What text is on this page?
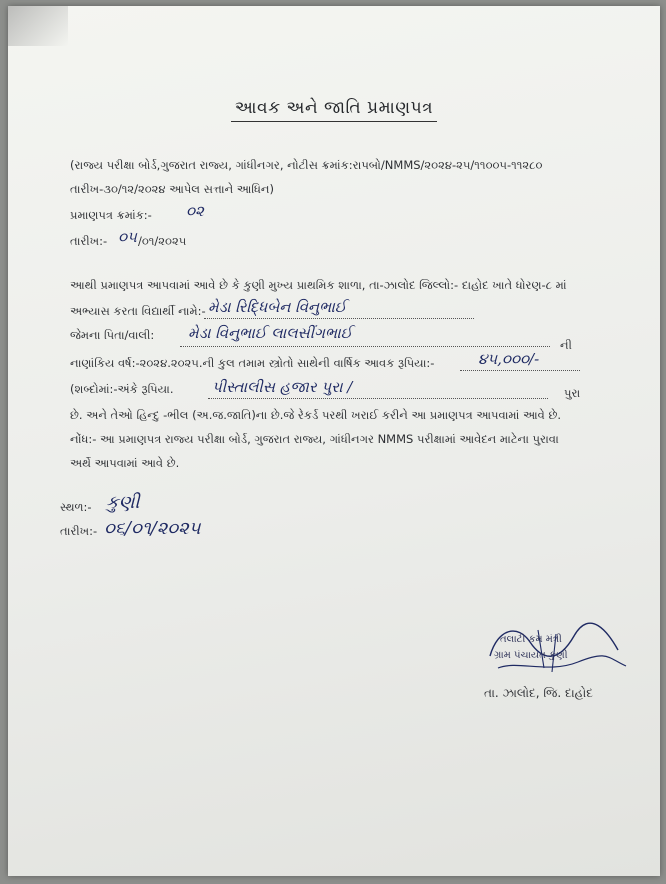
આવક અને જાતિ પ્રમાણપત્ર
(રાજ્ય પરીક્ષા બોર્ડ,ગુજરાત રાજ્ય, ગાંધીનગર, નોટીસ ક્રમાંક:રાપબો/NMMS/૨૦૨૪-૨૫/૧૧૦૦૫-૧૧૨૮૦
તારીખ-૩૦/૧૨/૨૦૨૪ આપેલ સત્તાને આધિન)
પ્રમાણપત્ર ક્રમાંક:- ૦૨
તારીખ:- ૦૫ /૦૧/૨૦૨૫
આથી પ્રમાણપત્ર આપવામાં આવે છે કે કુણી મુખ્ય પ્રાથમિક શાળા, તા-ઝાલોદ જિલ્લો:- દાહોદ ખાતે ધોરણ-૮ માં
અભ્યાસ કરતા વિદ્યાર્થી નામે:- મેડા રિદ્ધિબેન વિનુભાઈ
જેમના પિતા/વાલી: મેડા વિનુભાઈ લાલસીંગભાઈ
ની
નાણાંકિય વર્ષ:-૨૦૨૪.૨૦૨૫.ની કુલ તમામ સ્ત્રોતો સાથેની વાર્ષિક આવક રૂપિયા:-	૪૫,૦૦૦/-
(શબ્દોમાં:-અંકે રૂપિયા.	પીસ્તાલીસ હજાર પુરા /	પુરા
છે. અને તેઓ હિન્દુ -ભીલ (અ.જ.જાતિ)ના છે.જે રેકર્ડ પરથી ખરાઈ કરીને આ પ્રમાણપત્ર આપવામાં આવે છે.
નોંધ:- આ પ્રમાણપત્ર રાજ્ય પરીક્ષા બોર્ડ, ગુજરાત રાજ્ય, ગાંધીનગર NMMS પરીક્ષામાં આવેદન માટેના પુરાવા
અર્થે આપવામાં આવે છે.
સ્થળ:- કુણી
તારીખ:- ૦૬/૦૧/૨૦૨૫
તલાટી કમ મંત્રી
ગ્રામ પંચાયત કુણી
તા. ઝાલોદ, જિ. દાહોદ
